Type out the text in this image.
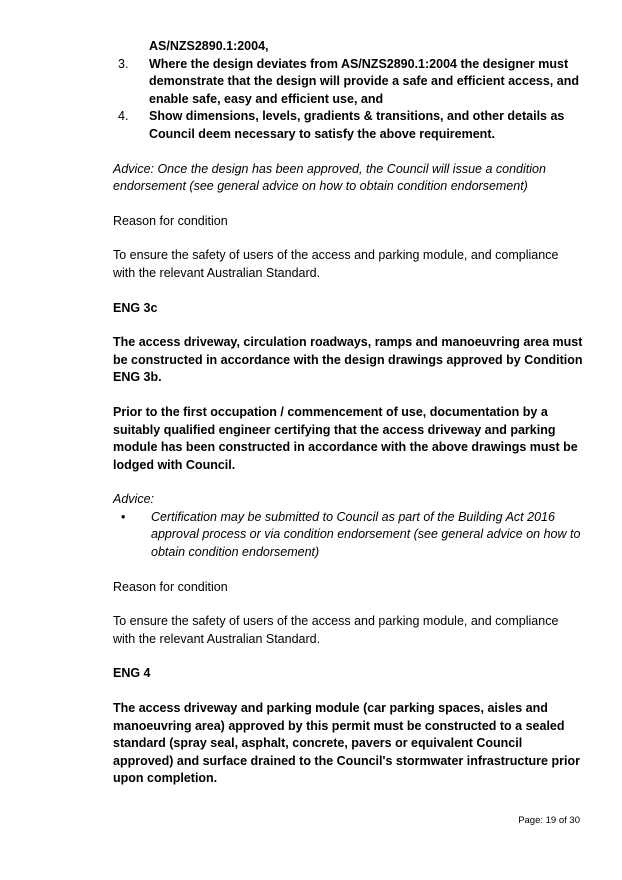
AS/NZS2890.1:2004,

3. Where the design deviates from AS/NZS2890.1:2004 the designer must demonstrate that the design will provide a safe and efficient access, and enable safe, easy and efficient use, and
4. Show dimensions, levels, gradients & transitions, and other details as Council deem necessary to satisfy the above requirement.

Advice: Once the design has been approved, the Council will issue a condition endorsement (see general advice on how to obtain condition endorsement)

Reason for condition

To ensure the safety of users of the access and parking module, and compliance with the relevant Australian Standard.

ENG 3c

The access driveway, circulation roadways, ramps and manoeuvring area must be constructed in accordance with the design drawings approved by Condition ENG 3b.

Prior to the first occupation / commencement of use, documentation by a suitably qualified engineer certifying that the access driveway and parking module has been constructed in accordance with the above drawings must be lodged with Council.

Advice:

• Certification may be submitted to Council as part of the Building Act 2016 approval process or via condition endorsement (see general advice on how to obtain condition endorsement)

Reason for condition

To ensure the safety of users of the access and parking module, and compliance with the relevant Australian Standard.

ENG 4

The access driveway and parking module (car parking spaces, aisles and manoeuvring area) approved by this permit must be constructed to a sealed standard (spray seal, asphalt, concrete, pavers or equivalent Council approved) and surface drained to the Council's stormwater infrastructure prior upon completion.

Page: 19 of 30
